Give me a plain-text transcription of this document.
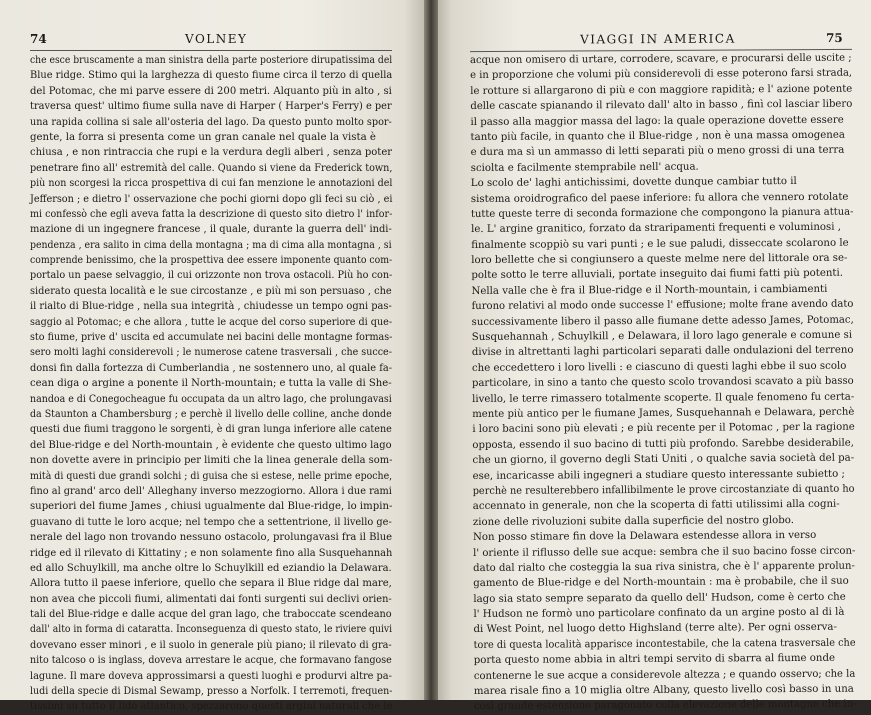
74	VOLNEY
che esce bruscamente a man sinistra della parte posteriore dirupatissima del
Blue ridge. Stimo qui la larghezza di questo fiume circa il terzo di quella
del Potomac, che mi parve essere di 200 metri. Alquanto più in alto , si
traversa quest' ultimo fiume sulla nave di Harper ( Harper's Ferry) e per
una rapida collina si sale all'osteria del lago. Da questo punto molto spor-
gente, la forra si presenta come un gran canale nel quale la vista è
chiusa , e non rintraccia che rupi e la verdura degli alberi , senza poter
penetrare fino all' estremità del calle. Quando si viene da Frederick town,
più non scorgesi la ricca prospettiva di cui fan menzione le annotazioni del
Jefferson ; e dietro l' osservazione che pochi giorni dopo gli feci su ciò , ei
mi confessò che egli aveva fatta la descrizione di questo sito dietro l' infor-
mazione di un ingegnere francese , il quale, durante la guerra dell' indi-
pendenza , era salito in cima della montagna ; ma di cima alla montagna , si
comprende benissimo, che la prospettiva dee essere imponente quanto com-
portalo un paese selvaggio, il cui orizzonte non trova ostacoli. Più ho con-
siderato questa località e le sue circostanze , e più mi son persuaso , che
il rialto di Blue-ridge , nella sua integrità , chiudesse un tempo ogni pas-
saggio al Potomac; e che allora , tutte le acque del corso superiore di que-
sto fiume, prive d' uscita ed accumulate nei bacini delle montagne formas-
sero molti laghi considerevoli ; le numerose catene trasversali , che succe-
donsi fin dalla fortezza di Cumberlandia , ne sostennero uno, al quale fa-
cean diga o argine a ponente il North-mountain; e tutta la valle di She-
nandoa e di Conegocheague fu occupata da un altro lago, che prolungavasi
da Staunton a Chambersburg ; e perchè il livello delle colline, anche donde
questi due fiumi traggono le sorgenti, è di gran lunga inferiore alle catene
del Blue-ridge e del North-mountain , è evidente che questo ultimo lago
non dovette avere in principio per limiti che la linea generale della som-
mità di questi due grandi solchi ; di guisa che si estese, nelle prime epoche,
fino al grand' arco dell' Alleghany inverso mezzogiorno. Allora i due rami
superiori del fiume James , chiusi ugualmente dal Blue-ridge, lo impin-
guavano di tutte le loro acque; nel tempo che a settentrione, il livello ge-
nerale del lago non trovando nessuno ostacolo, prolungavasi fra il Blue
ridge ed il rilevato di Kittatiny ; e non solamente fino alla Susquehannah
ed allo Schuylkill, ma anche oltre lo Schuylkill ed eziandio la Delawara.
Allora tutto il paese inferiore, quello che separa il Blue ridge dal mare,
non avea che piccoli fiumi, alimentati dai fonti surgenti sui declivi orien-
tali del Blue-ridge e dalle acque del gran lago, che traboccate scendeano
dall' alto in forma di cataratta. Inconseguenza di questo stato, le riviere quivi
dovevano esser minori , e il suolo in generale più piano; il rilevato di gra-
nito talcoso o is inglass, doveva arrestare le acque, che formavano fangose
lagune. Il mare doveva approssimarsi a questi luoghi e produrvi altre pa-
ludi della specie di Dismal Sewamp, presso a Norfolk. I terremoti, frequen-
tissimi su tutto il lido atlantico, spezzarono questi argini naturali che le
VIAGGI IN AMERICA	75
acque non omisero di urtare, corrodere, scavare, e procurarsi delle uscite ;
e in proporzione che volumi più considerevoli di esse poterono farsi strada,
le rotture si allargarono di più e con maggiore rapidità; e l' azione potente
delle cascate spianando il rilevato dall' alto in basso , finì col lasciar libero
il passo alla maggior massa del lago: la quale operazione dovette essere
tanto più facile, in quanto che il Blue-ridge , non è una massa omogenea
e dura ma sì un ammasso di letti separati più o meno grossi di una terra
sciolta e facilmente stemprabile nell' acqua.
Lo scolo de' laghi antichissimi, dovette dunque cambiar tutto il
sistema oroidrografico del paese inferiore: fu allora che vennero rotolate
tutte queste terre di seconda formazione che compongono la pianura attua-
le. L' argine granitico, forzato da straripamenti frequenti e voluminosi ,
finalmente scoppiò su vari punti ; e le sue paludi, disseccate scolarono le
loro bellette che si congiunsero a queste melme nere del littorale ora se-
polte sotto le terre alluviali, portate inseguito dai fiumi fatti più potenti.
Nella valle che è fra il Blue-ridge e il North-mountain, i cambiamenti
furono relativi al modo onde successe l' effusione; molte frane avendo dato
successivamente libero il passo alle fiumane dette adesso James, Potomac,
Susquehannah , Schuylkill , e Delawara, il loro lago generale e comune si
divise in altrettanti laghi particolari separati dalle ondulazioni del terreno
che eccedettero i loro livelli : e ciascuno di questi laghi ebbe il suo scolo
particolare, in sino a tanto che questo scolo trovandosi scavato a più basso
livello, le terre rimassero totalmente scoperte. Il quale fenomeno fu certa-
mente più antico per le fiumane James, Susquehannah e Delawara, perchè
i loro bacini sono più elevati ; e più recente per il Potomac , per la ragione
opposta, essendo il suo bacino di tutti più profondo. Sarebbe desiderabile,
che un giorno, il governo degli Stati Uniti , o qualche savia società del pa-
ese, incaricasse abili ingegneri a studiare questo interessante subietto ;
perchè ne resulterebbero infallibilmente le prove circostanziate di quanto ho
accennato in generale, non che la scoperta di fatti utilissimi alla cogni-
zione delle rivoluzioni subite dalla superficie del nostro globo.
Non posso stimare fin dove la Delawara estendesse allora in verso
l' oriente il riflusso delle sue acque: sembra che il suo bacino fosse circon-
dato dal rialto che costeggia la sua riva sinistra, che è l' apparente prolun-
gamento de Blue-ridge e del North-mountain : ma è probabile, che il suo
lago sia stato sempre separato da quello dell' Hudson, come è certo che
l' Hudson ne formò uno particolare confinato da un argine posto al di là
di West Point, nel luogo detto Highsland (terre alte). Per ogni osserva-
tore di questa località apparisce incontestabile, che la catena trasversale che
porta questo nome abbia in altri tempi servito di sbarra al fiume onde
contenerne le sue acque a considerevole altezza ; e quando osservo; che la
marea risale fino a 10 miglia oltre Albany, questo livello così basso in una
così grande estensione paragonato colla elevazione delle montagne che in-
